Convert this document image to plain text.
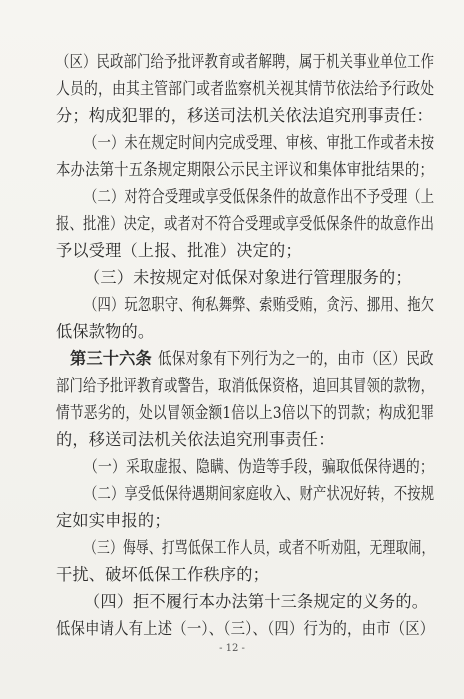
（区）民政部门给予批评教育或者解聘，属于机关事业单位工作
人员的，由其主管部门或者监察机关视其情节依法给予行政处
分；构成犯罪的，移送司法机关依法追究刑事责任：
（一）未在规定时间内完成受理、审核、审批工作或者未按
本办法第十五条规定期限公示民主评议和集体审批结果的；
（二）对符合受理或享受低保条件的故意作出不予受理（上
报、批准）决定，或者对不符合受理或享受低保条件的故意作出
予以受理（上报、批准）决定的；
（三）未按规定对低保对象进行管理服务的；
（四）玩忽职守、徇私舞弊、索贿受贿，贪污、挪用、拖欠
低保款物的。
第三十六条 低保对象有下列行为之一的，由市（区）民政
部门给予批评教育或警告，取消低保资格，追回其冒领的款物，
情节恶劣的，处以冒领金额1倍以上3倍以下的罚款；构成犯罪
的，移送司法机关依法追究刑事责任：
（一）采取虚报、隐瞒、伪造等手段，骗取低保待遇的；
（二）享受低保待遇期间家庭收入、财产状况好转，不按规
定如实申报的；
（三）侮辱、打骂低保工作人员，或者不听劝阻，无理取闹，
干扰、破坏低保工作秩序的；
（四）拒不履行本办法第十三条规定的义务的。
低保申请人有上述（一）、（三）、（四）行为的，由市（区）
- 12 -
